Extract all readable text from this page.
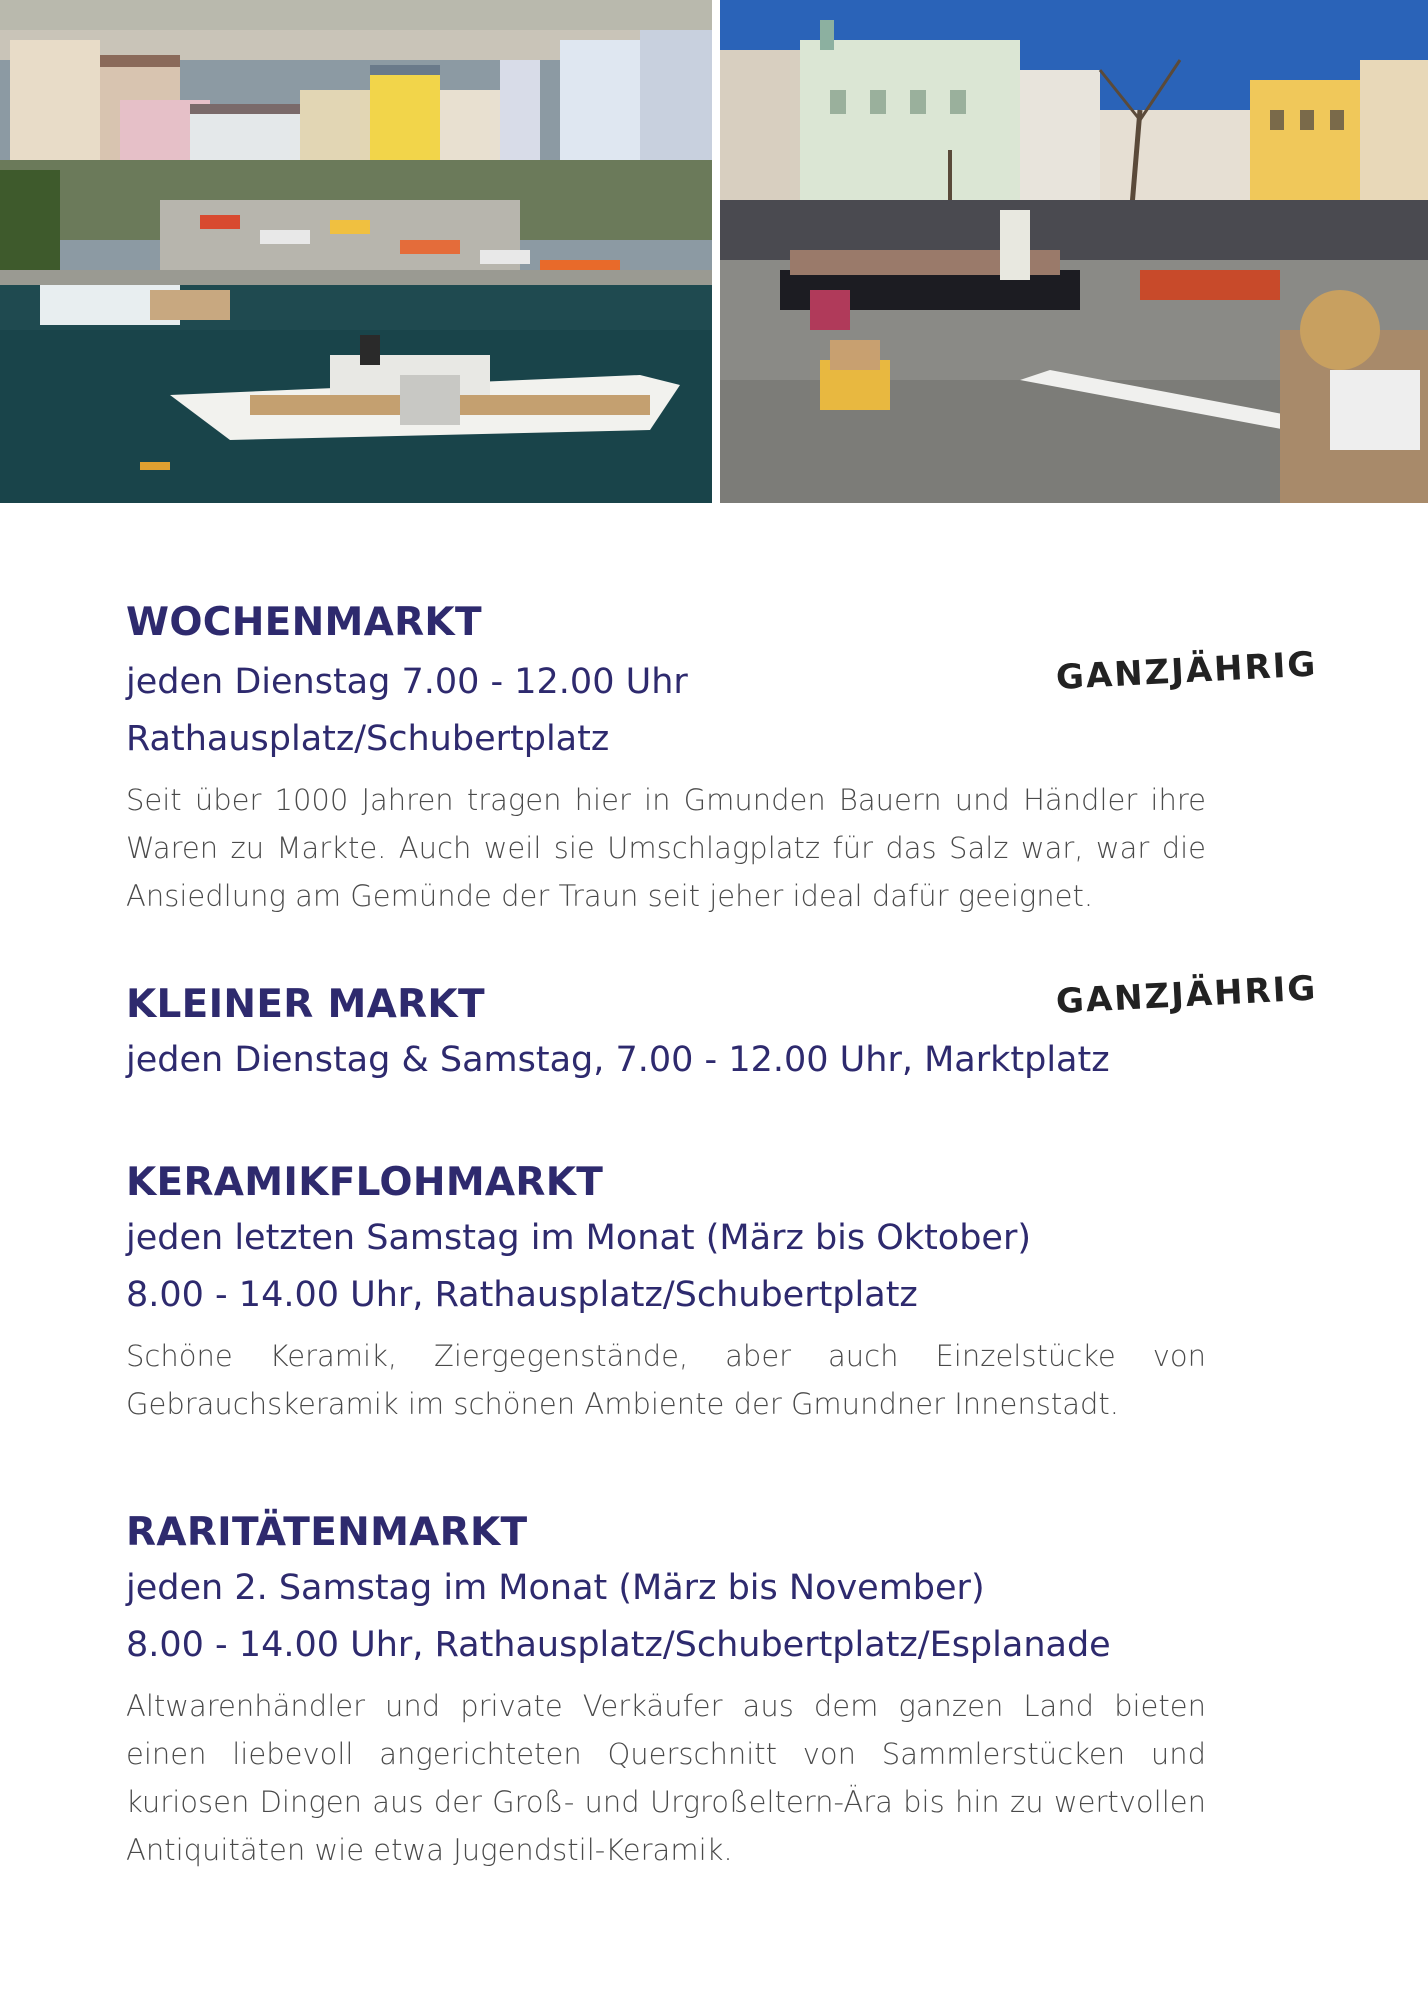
WOCHENMARKT

jeden Dienstag 7.00 - 12.00 Uhr

Rathausplatz/Schubertplatz

GANZJÄHRIG

Seit über 1000 Jahren tragen hier in Gmunden Bauern und Händler ihre Waren zu Markte. Auch weil sie Umschlagplatz für das Salz war, war die Ansiedlung am Gemünde der Traun seit jeher ideal dafür geeignet.

KLEINER MARKT

jeden Dienstag & Samstag, 7.00 - 12.00 Uhr, Marktplatz

GANZJÄHRIG
KERAMIKFLOHMARKT

jeden letzten Samstag im Monat (März bis Oktober)

8.00 - 14.00 Uhr, Rathausplatz/Schubertplatz

Schöne Keramik, Ziergegenstände, aber auch Einzelstücke von Gebrauchskeramik im schönen Ambiente der Gmundner Innenstadt.

RARITÄTENMARKT

jeden 2. Samstag im Monat (März bis November)

8.00 - 14.00 Uhr, Rathausplatz/Schubertplatz/Esplanade

Altwarenhändler und private Verkäufer aus dem ganzen Land bieten einen liebevoll angerichteten Querschnitt von Sammlerstücken und kuriosen Dingen aus der Groß- und Urgroßeltern-Ära bis hin zu wertvollen Antiquitäten wie etwa Jugendstil-Keramik.
